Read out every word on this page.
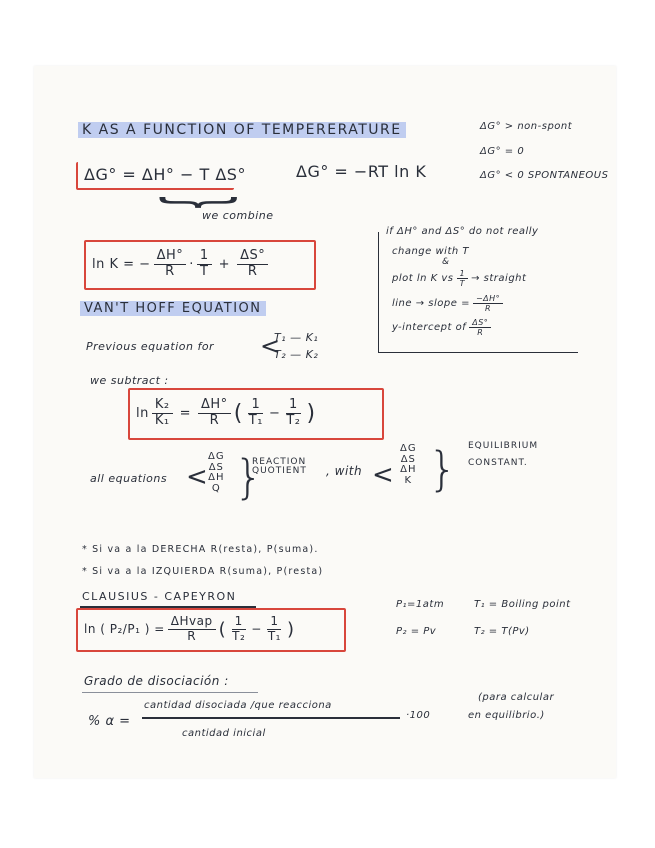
K AS A FUNCTION OF TEMPERERATURE
ΔG° = ΔH° − T ΔS°	ΔG° = −RT ln K
ΔG° > non-spont
ΔG° = 0
ΔG° < 0 SPONTANEOUS
{
we combine
ln K = − $\frac{\Delta H^\circ}{R} \cdot \frac{1}{T} + \frac{\Delta S^\circ}{R}$
if ΔH° and ΔS° do not really
change with T
&
plot ln K vs $\frac{1}{T}$ → straight
line → slope = $\frac{-\Delta H^\circ}{R}$
y-intercept of $\frac{\Delta S^\circ}{R}$
VAN'T HOFF EQUATION
Previous equation for
T₁ — K₁
T₂ — K₂
<
we subtract :
$\ln \frac{\text{K₂}}{\text{K₁}} = \frac{\Delta H^\circ}{R}$ ( $\frac{1}{\text{T₁}} - \frac{1}{\text{T₂}}$ )
all equations <
ΔG
ΔS
ΔH
Q }
REACTION
QUOTIENT , with <
ΔG
ΔS
ΔH
K } EQUILIBRIUM
CONSTANT.
* Si va a la DERECHA R(resta), P(suma).
* Si va a la IZQUIERDA R(suma), P(resta)
CLAUSIUS - CAPEYRON
ln ( P₂/P₁ ) = $\frac{\text{ΔHvap}}{R}$ ( $\frac{1}{\text{T₂}} - \frac{1}{\text{T₁}}$ )
P₁=1atm	T₁ = Boiling point
P₂ = Pv	T₂ = T(Pv)
Grado de disociación :
% α =
cantidad disociada /que reacciona
·100
cantidad inicial
(para calcular
en equilibrio.)
